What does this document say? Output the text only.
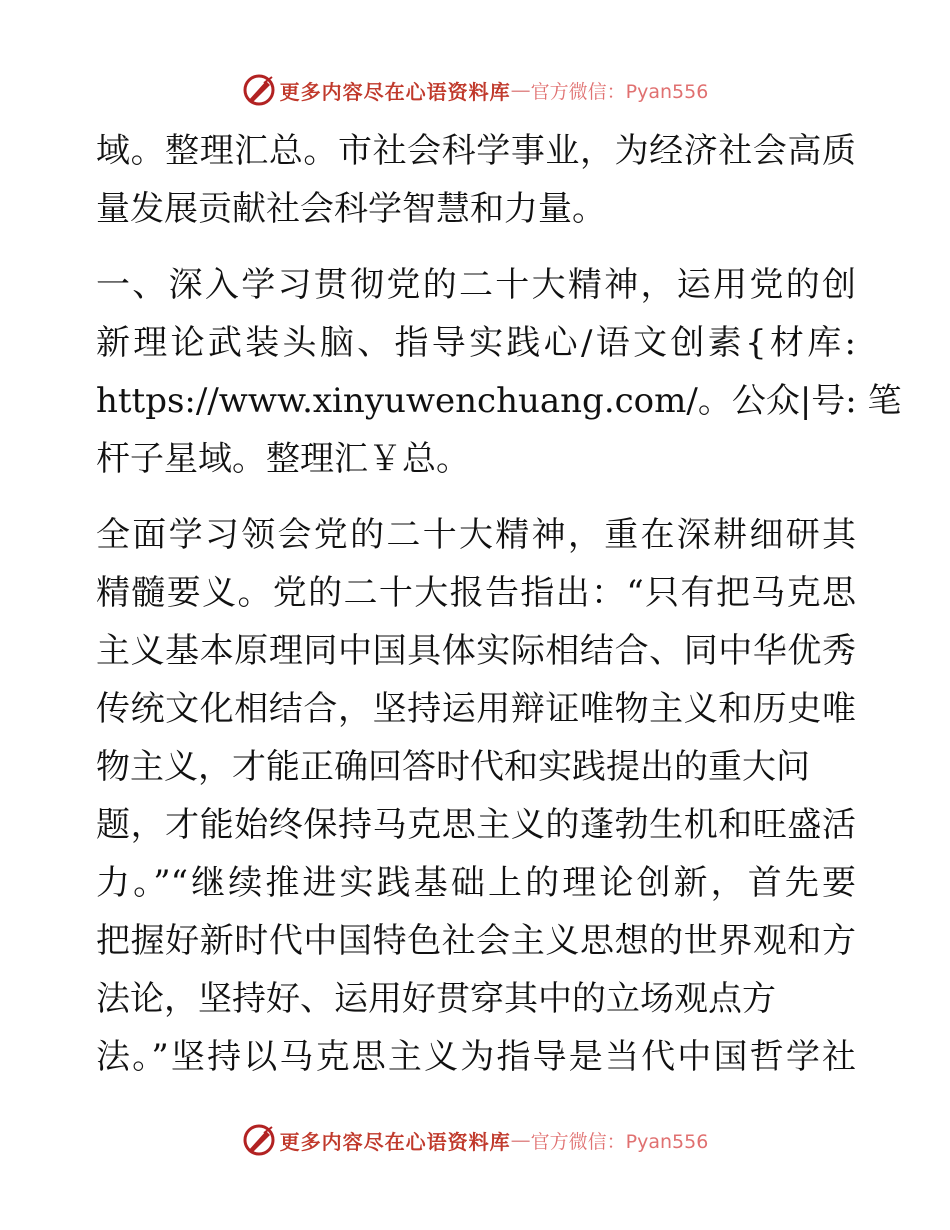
更多内容尽在心语资料库 — 官方微信：Pyan556
域。整理汇总。市社会科学事业，为经济社会高质
量发展贡献社会科学智慧和力量。
一、深入学习贯彻党的二十大精神，运用党的创
新理论武装头脑、指导实践心/语文创素{材库:
https://www.xinyuwenchuang.com/。公众|号: 笔
杆子星域。整理汇￥总。
全面学习领会党的二十大精神，重在深耕细研其
精髓要义。党的二十大报告指出：“只有把马克思
主义基本原理同中国具体实际相结合、同中华优秀
传统文化相结合，坚持运用辩证唯物主义和历史唯
物主义，才能正确回答时代和实践提出的重大问
题，才能始终保持马克思主义的蓬勃生机和旺盛活
力。”“继续推进实践基础上的理论创新，首先要
把握好新时代中国特色社会主义思想的世界观和方
法论，坚持好、运用好贯穿其中的立场观点方
法。”坚持以马克思主义为指导是当代中国哲学社
更多内容尽在心语资料库 — 官方微信：Pyan556
